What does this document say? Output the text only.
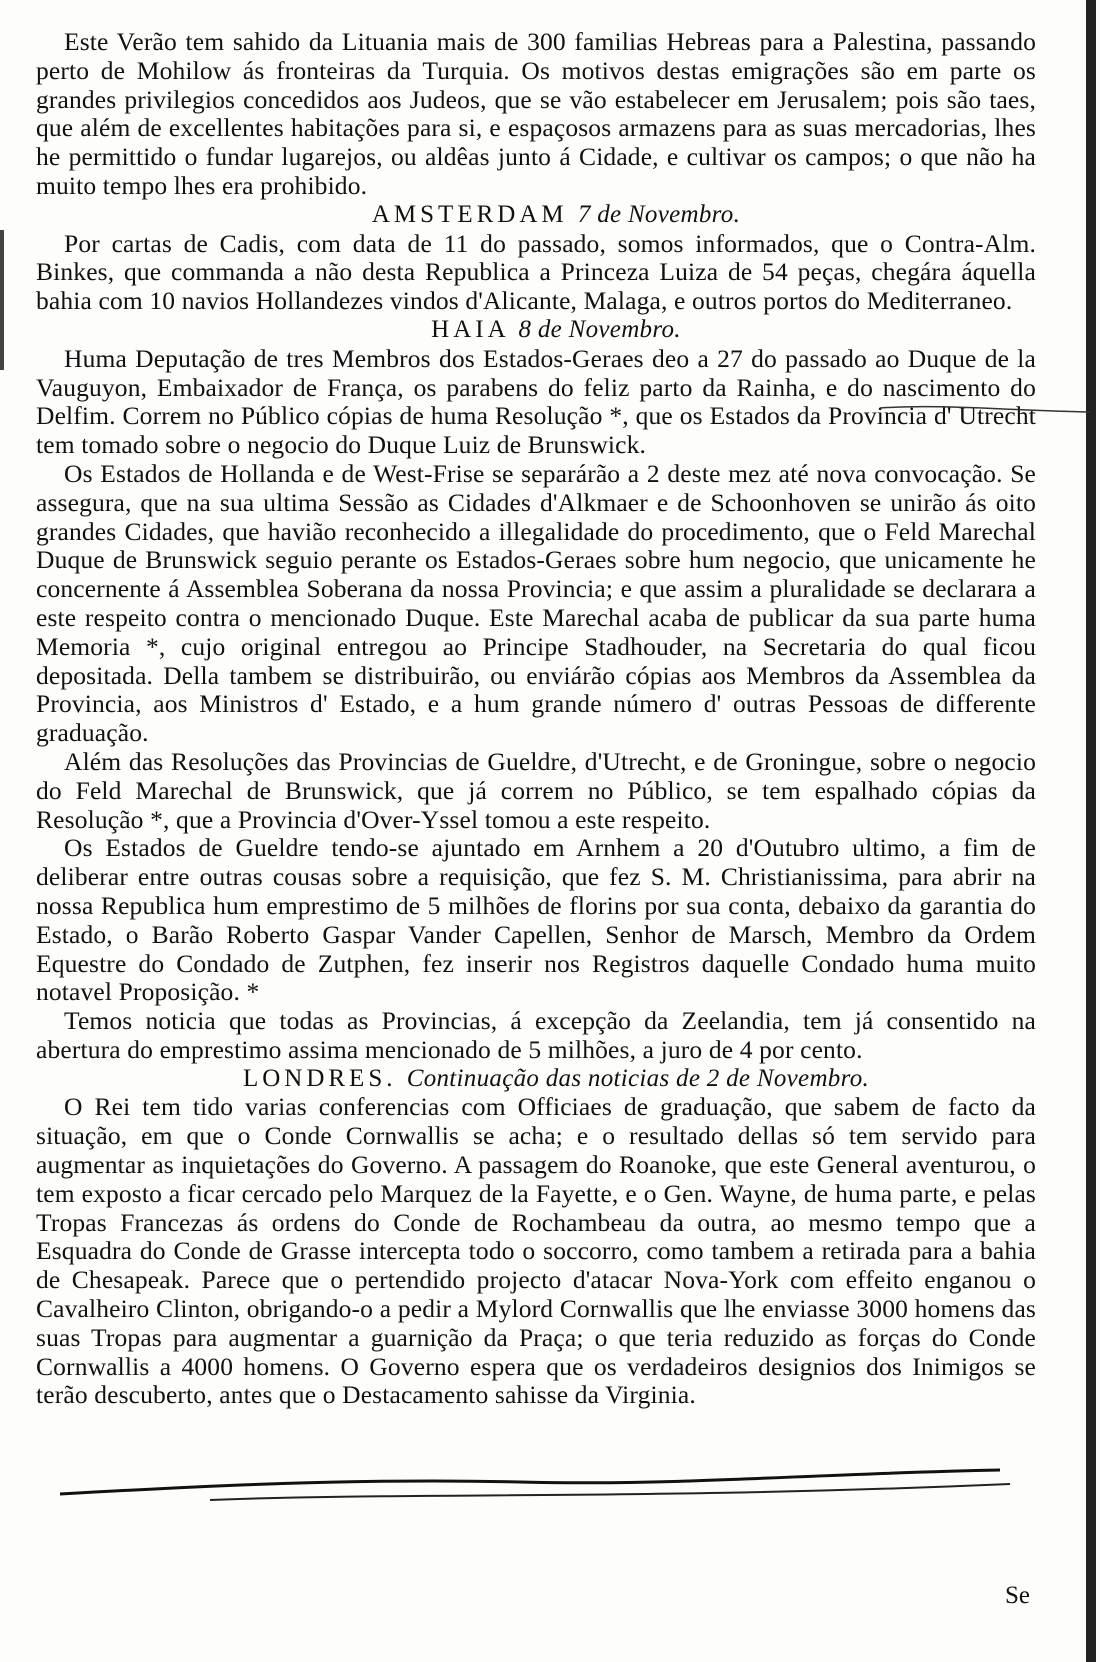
Este Verão tem sahido da Lituania mais de 300 familias Hebreas para a Palestina, passando perto de Mohilow ás fronteiras da Turquia. Os motivos destas emigrações são em parte os grandes privilegios concedidos aos Judeos, que se vão estabelecer em Jerusalem; pois são taes, que além de excellentes habitações para si, e espaçosos armazens para as suas mercadorias, lhes he permittido o fundar lugarejos, ou aldêas junto á Cidade, e cultivar os campos; o que não ha muito tempo lhes era prohibido.

AMSTERDAM 7 de Novembro.

Por cartas de Cadis, com data de 11 do passado, somos informados, que o Contra-Alm. Binkes, que commanda a não desta Republica a Princeza Luiza de 54 peças, chegára áquella bahia com 10 navios Hollandezes vindos d'Alicante, Malaga, e outros portos do Mediterraneo.

HAIA 8 de Novembro.

Huma Deputação de tres Membros dos Estados-Geraes deo a 27 do passado ao Duque de la Vauguyon, Embaixador de França, os parabens do feliz parto da Rainha, e do nascimento do Delfim. Correm no Público cópias de huma Resolução *, que os Estados da Provincia d' Utrecht tem tomado sobre o negocio do Duque Luiz de Brunswick.

Os Estados de Hollanda e de West-Frise se separárão a 2 deste mez até nova convocação. Se assegura, que na sua ultima Sessão as Cidades d'Alkmaer e de Schoonhoven se unirão ás oito grandes Cidades, que havião reconhecido a illegalidade do procedimento, que o Feld Marechal Duque de Brunswick seguio perante os Estados-Geraes sobre hum negocio, que unicamente he concernente á Assemblea Soberana da nossa Provincia; e que assim a pluralidade se declarara a este respeito contra o mencionado Duque. Este Marechal acaba de publicar da sua parte huma Memoria *, cujo original entregou ao Principe Stadhouder, na Secretaria do qual ficou depositada. Della tambem se distribuirão, ou enviárão cópias aos Membros da Assemblea da Provincia, aos Ministros d' Estado, e a hum grande número d' outras Pessoas de differente graduação.

Além das Resoluções das Provincias de Gueldre, d'Utrecht, e de Groningue, sobre o negocio do Feld Marechal de Brunswick, que já correm no Público, se tem espalhado cópias da Resolução *, que a Provincia d'Over-Yssel tomou a este respeito.

Os Estados de Gueldre tendo-se ajuntado em Arnhem a 20 d'Outubro ultimo, a fim de deliberar entre outras cousas sobre a requisição, que fez S. M. Christianissima, para abrir na nossa Republica hum emprestimo de 5 milhões de florins por sua conta, debaixo da garantia do Estado, o Barão Roberto Gaspar Vander Capellen, Senhor de Marsch, Membro da Ordem Equestre do Condado de Zutphen, fez inserir nos Registros daquelle Condado huma muito notavel Proposição. *

Temos noticia que todas as Provincias, á excepção da Zeelandia, tem já consentido na abertura do emprestimo assima mencionado de 5 milhões, a juro de 4 por cento.

LONDRES. Continuação das noticias de 2 de Novembro.

O Rei tem tido varias conferencias com Officiaes de graduação, que sabem de facto da situação, em que o Conde Cornwallis se acha; e o resultado dellas só tem servido para augmentar as inquietações do Governo. A passagem do Roanoke, que este General aventurou, o tem exposto a ficar cercado pelo Marquez de la Fayette, e o Gen. Wayne, de huma parte, e pelas Tropas Francezas ás ordens do Conde de Rochambeau da outra, ao mesmo tempo que a Esquadra do Conde de Grasse intercepta todo o soccorro, como tambem a retirada para a bahia de Chesapeak. Parece que o pertendido projecto d'atacar Nova-York com effeito enganou o Cavalheiro Clinton, obrigando-o a pedir a Mylord Cornwallis que lhe enviasse 3000 homens das suas Tropas para augmentar a guarnição da Praça; o que teria reduzido as forças do Conde Cornwallis a 4000 homens. O Governo espera que os verdadeiros designios dos Inimigos se terão descuberto, antes que o Destacamento sahisse da Virginia.

Se
